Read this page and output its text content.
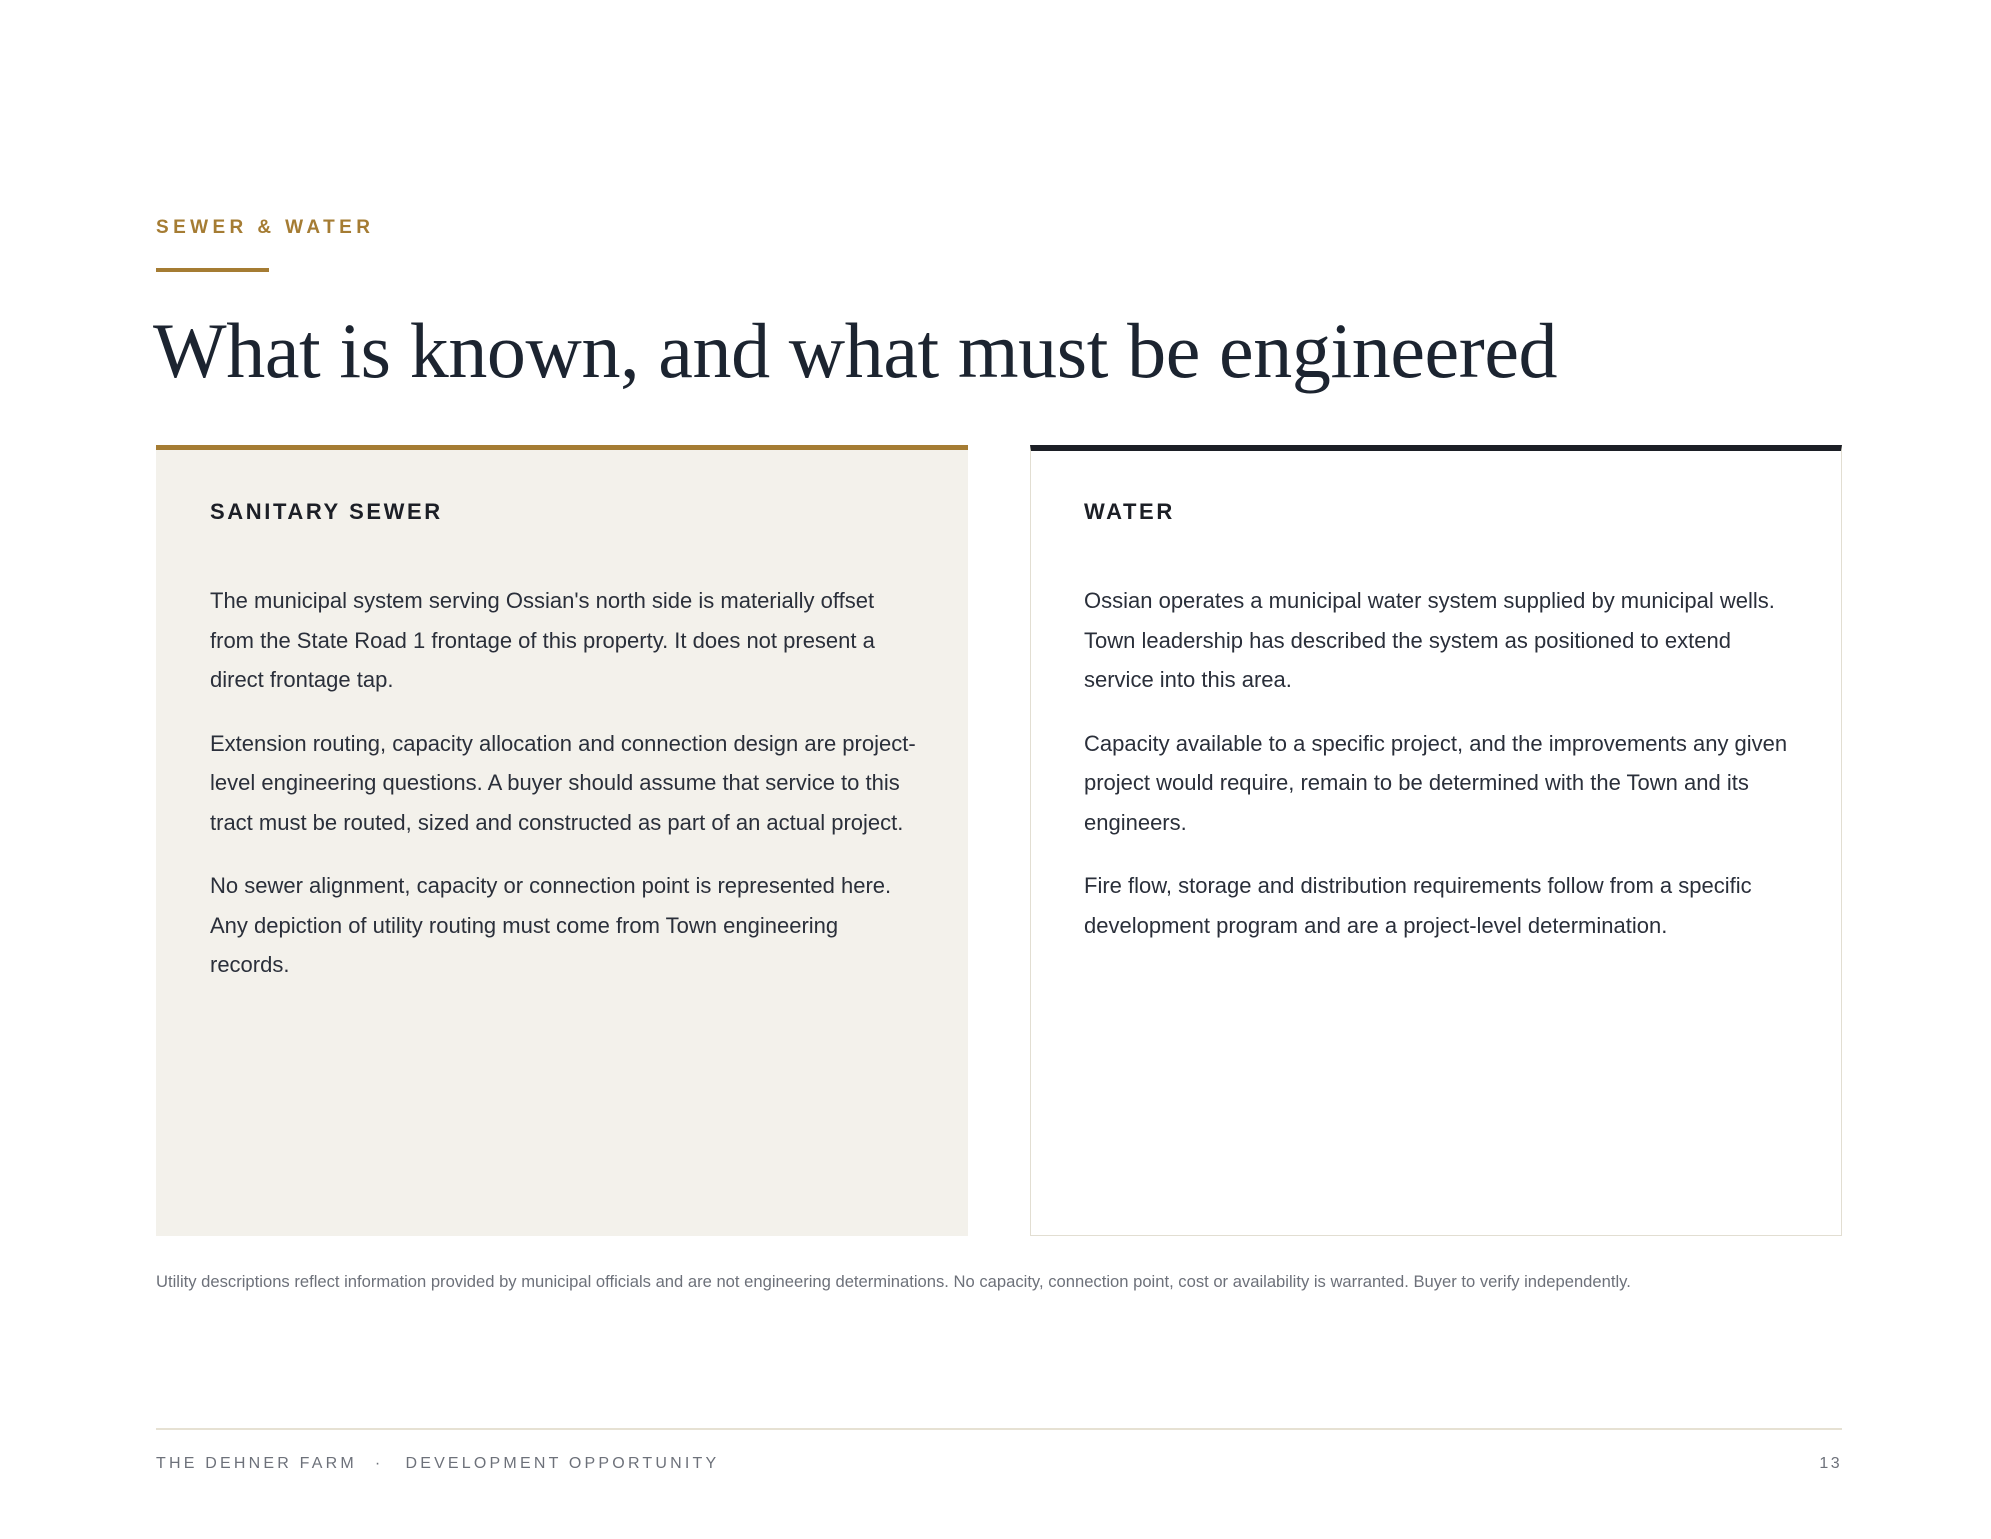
SEWER & WATER
What is known, and what must be engineered
SANITARY SEWER

The municipal system serving Ossian's north side is materially offset from the State Road 1 frontage of this property. It does not present a direct frontage tap.

Extension routing, capacity allocation and connection design are project-level engineering questions. A buyer should assume that service to this tract must be routed, sized and constructed as part of an actual project.

No sewer alignment, capacity or connection point is represented here. Any depiction of utility routing must come from Town engineering records.

WATER

Ossian operates a municipal water system supplied by municipal wells. Town leadership has described the system as positioned to extend service into this area.

Capacity available to a specific project, and the improvements any given project would require, remain to be determined with the Town and its engineers.

Fire flow, storage and distribution requirements follow from a specific development program and are a project-level determination.

Utility descriptions reflect information provided by municipal officials and are not engineering determinations. No capacity, connection point, cost or availability is warranted. Buyer to verify independently.
THE DEHNER FARM · DEVELOPMENT OPPORTUNITY	13
